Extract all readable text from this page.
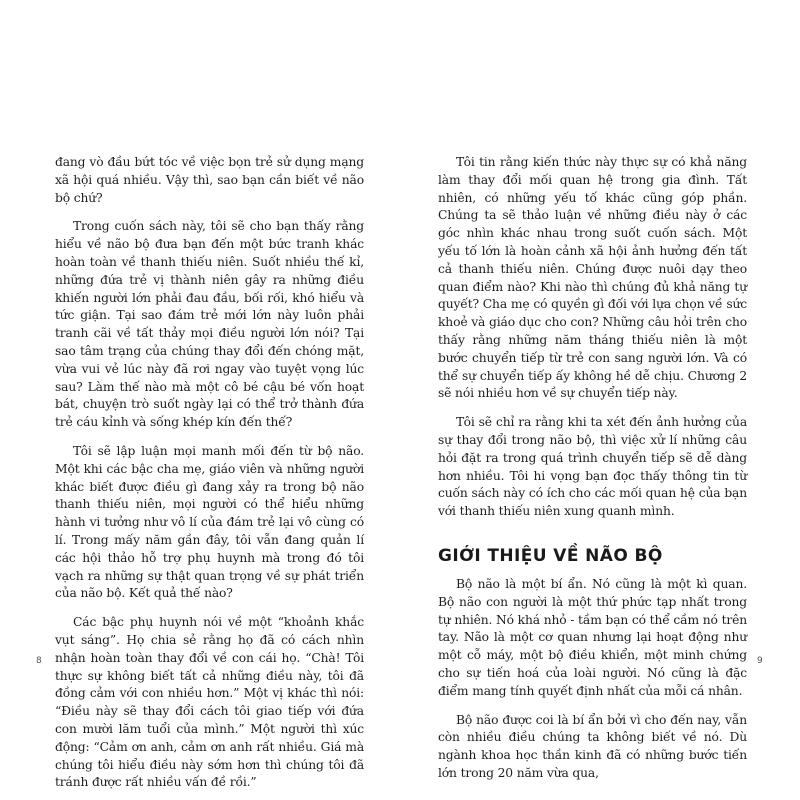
đang vò đầu bứt tóc về việc bọn trẻ sử dụng mạng xã hội quá nhiều. Vậy thì, sao bạn cần biết về não bộ chứ?

Trong cuốn sách này, tôi sẽ cho bạn thấy rằng hiểu về não bộ đưa bạn đến một bức tranh khác hoàn toàn về thanh thiếu niên. Suốt nhiều thế kỉ, những đứa trẻ vị thành niên gây ra những điều khiến người lớn phải đau đầu, bối rối, khó hiểu và tức giận. Tại sao đám trẻ mới lớn này luôn phải tranh cãi về tất thảy mọi điều người lớn nói? Tại sao tâm trạng của chúng thay đổi đến chóng mặt, vừa vui vẻ lúc này đã rơi ngay vào tuyệt vọng lúc sau? Làm thế nào mà một cô bé cậu bé vốn hoạt bát, chuyện trò suốt ngày lại có thể trở thành đứa trẻ cáu kỉnh và sống khép kín đến thế?

Tôi sẽ lập luận mọi manh mối đến từ bộ não. Một khi các bậc cha mẹ, giáo viên và những người khác biết được điều gì đang xảy ra trong bộ não thanh thiếu niên, mọi người có thể hiểu những hành vi tưởng như vô lí của đám trẻ lại vô cùng có lí. Trong mấy năm gần đây, tôi vẫn đang quản lí các hội thảo hỗ trợ phụ huynh mà trong đó tôi vạch ra những sự thật quan trọng về sự phát triển của não bộ. Kết quả thế nào?

Các bậc phụ huynh nói về một “khoảnh khắc vụt sáng”. Họ chia sẻ rằng họ đã có cách nhìn nhận hoàn toàn thay đổi về con cái họ. “Chà! Tôi thực sự không biết tất cả những điều này, tôi đã đồng cảm với con nhiều hơn.” Một vị khác thì nói: “Điều này sẽ thay đổi cách tôi giao tiếp với đứa con mười lăm tuổi của mình.” Một người thì xúc động: “Cảm ơn anh, cảm ơn anh rất nhiều. Giá mà chúng tôi hiểu điều này sớm hơn thì chúng tôi đã tránh được rất nhiều vấn đề rồi.”

8

Tôi tin rằng kiến thức này thực sự có khả năng làm thay đổi mối quan hệ trong gia đình. Tất nhiên, có những yếu tố khác cũng góp phần. Chúng ta sẽ thảo luận về những điều này ở các góc nhìn khác nhau trong suốt cuốn sách. Một yếu tố lớn là hoàn cảnh xã hội ảnh hưởng đến tất cả thanh thiếu niên. Chúng được nuôi dạy theo quan điểm nào? Khi nào thì chúng đủ khả năng tự quyết? Cha mẹ có quyền gì đối với lựa chọn về sức khoẻ và giáo dục cho con? Những câu hỏi trên cho thấy rằng những năm tháng thiếu niên là một bước chuyển tiếp từ trẻ con sang người lớn. Và có thể sự chuyển tiếp ấy không hề dễ chịu. Chương 2 sẽ nói nhiều hơn về sự chuyển tiếp này.

Tôi sẽ chỉ ra rằng khi ta xét đến ảnh hưởng của sự thay đổi trong não bộ, thì việc xử lí những câu hỏi đặt ra trong quá trình chuyển tiếp sẽ dễ dàng hơn nhiều. Tôi hi vọng bạn đọc thấy thông tin từ cuốn sách này có ích cho các mối quan hệ của bạn với thanh thiếu niên xung quanh mình.

GIỚI THIỆU VỀ NÃO BỘ

Bộ não là một bí ẩn. Nó cũng là một kì quan. Bộ não con người là một thứ phức tạp nhất trong tự nhiên. Nó khá nhỏ - tầm bạn có thể cầm nó trên tay. Não là một cơ quan nhưng lại hoạt động như một cỗ máy, một bộ điều khiển, một minh chứng cho sự tiến hoá của loài người. Nó cũng là đặc điểm mang tính quyết định nhất của mỗi cá nhân.

Bộ não được coi là bí ẩn bởi vì cho đến nay, vẫn còn nhiều điều chúng ta không biết về nó. Dù ngành khoa học thần kinh đã có những bước tiến lớn trong 20 năm vừa qua,

9
